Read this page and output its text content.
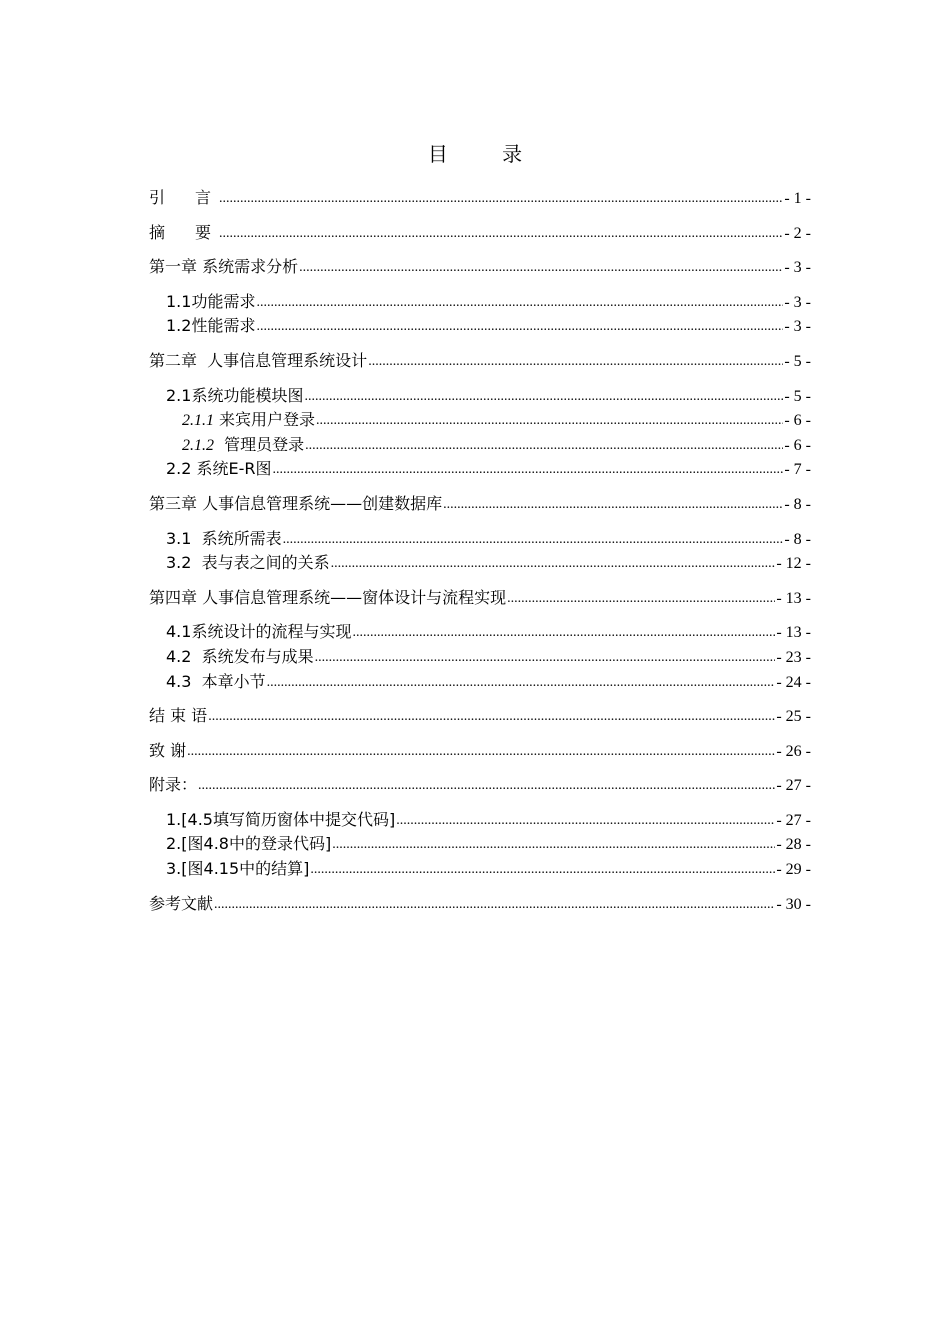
目 录
引　言 .....	- 1 -
摘　要 .....	- 2 -
第一章 系统需求分析 .....	- 3 -
1.1功能需求 .....	- 3 -
1.2性能需求 .....	- 3 -
第二章  人事信息管理系统设计 .....	- 5 -
2.1系统功能模块图 .....	- 5 -
2.1.1 来宾用户登录 .....	- 6 -
2.1.2 管理员登录 .....	- 6 -
2.2 系统E-R图 .....	- 7 -
第三章 人事信息管理系统——创建数据库 .....	- 8 -
3.1  系统所需表 .....	- 8 -
3.2  表与表之间的关系 .....	- 12 -
第四章 人事信息管理系统——窗体设计与流程实现 .....	- 13 -
4.1系统设计的流程与实现 .....	- 13 -
4.2  系统发布与成果 .....	- 23 -
4.3  本章小节 .....	- 24 -
结 束 语 .....	- 25 -
致 谢 .....	- 26 -
附录： .....	- 27 -
1.[4.5填写简历窗体中提交代码] .....	- 27 -
2.[图4.8中的登录代码] .....	- 28 -
3.[图4.15中的结算] .....	- 29 -
参考文献 .....	- 30 -
